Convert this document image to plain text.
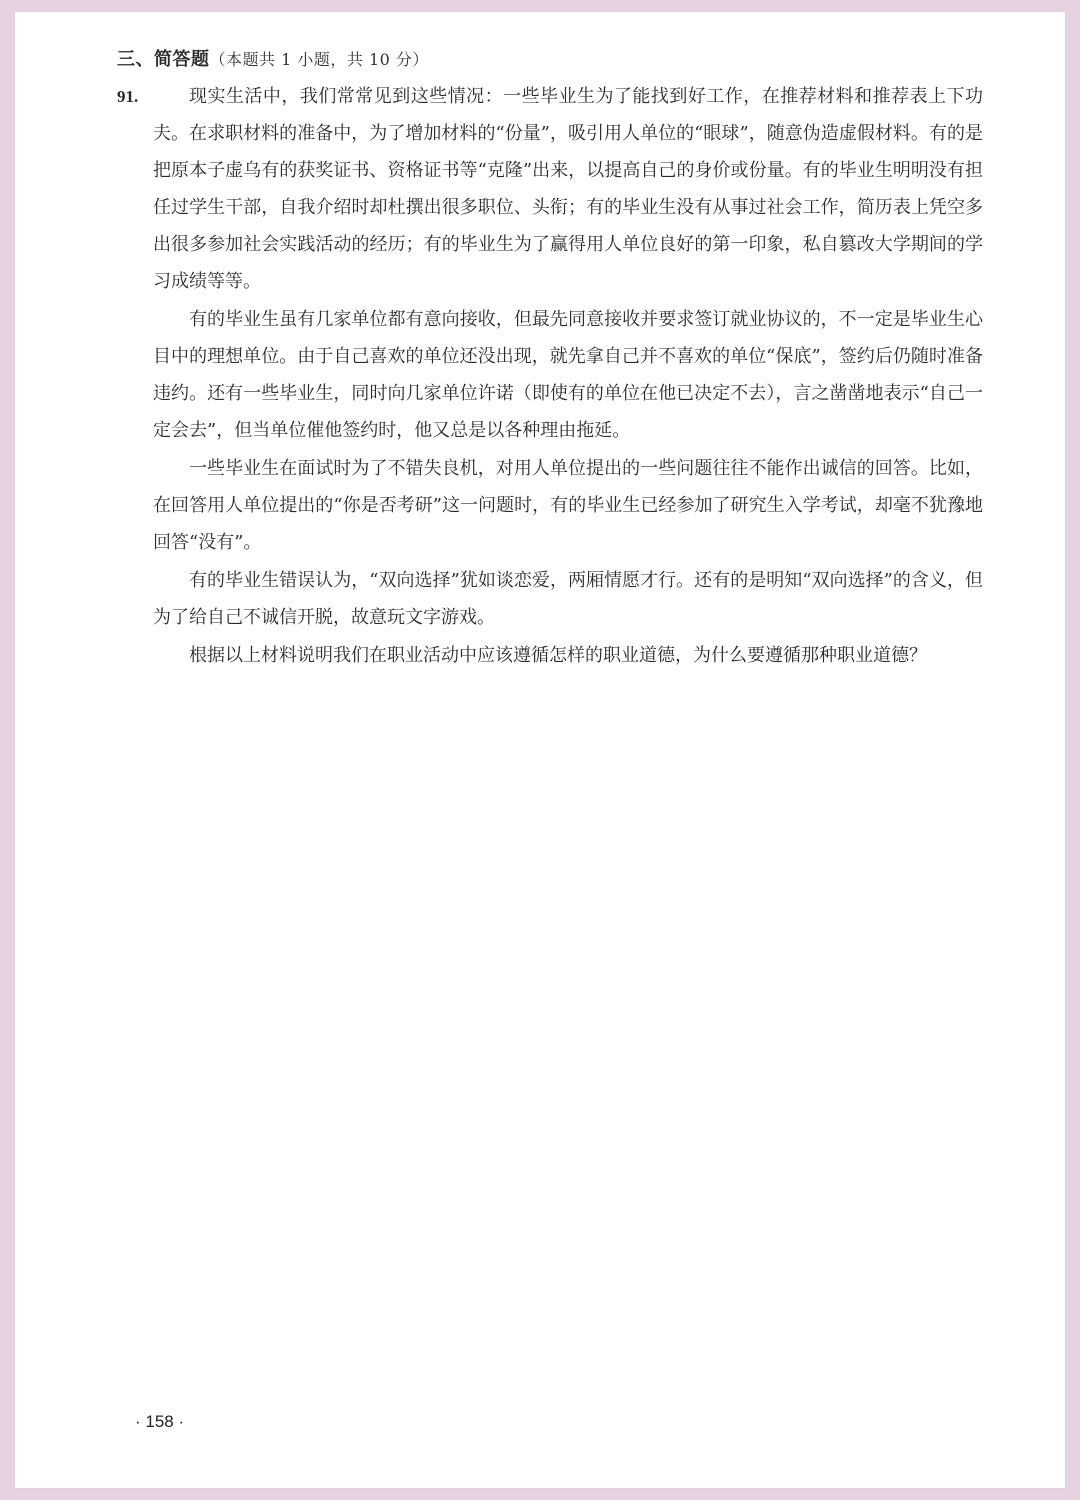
三、简答题（本题共 1 小题，共 10 分）
91.	现实生活中，我们常常见到这些情况：一些毕业生为了能找到好工作，在推荐材料和推荐表上下功夫。在求职材料的准备中，为了增加材料的“份量”，吸引用人单位的“眼球”，随意伪造虚假材料。有的是把原本子虚乌有的获奖证书、资格证书等“克隆”出来，以提高自己的身价或份量。有的毕业生明明没有担任过学生干部，自我介绍时却杜撰出很多职位、头衔；有的毕业生没有从事过社会工作，简历表上凭空多出很多参加社会实践活动的经历；有的毕业生为了赢得用人单位良好的第一印象，私自篡改大学期间的学习成绩等等。

有的毕业生虽有几家单位都有意向接收，但最先同意接收并要求签订就业协议的，不一定是毕业生心目中的理想单位。由于自己喜欢的单位还没出现，就先拿自己并不喜欢的单位“保底”，签约后仍随时准备违约。还有一些毕业生，同时向几家单位许诺（即使有的单位在他已决定不去），言之凿凿地表示“自己一定会去”，但当单位催他签约时，他又总是以各种理由拖延。

一些毕业生在面试时为了不错失良机，对用人单位提出的一些问题往往不能作出诚信的回答。比如，在回答用人单位提出的“你是否考研”这一问题时，有的毕业生已经参加了研究生入学考试，却毫不犹豫地回答“没有”。

有的毕业生错误认为，“双向选择”犹如谈恋爱，两厢情愿才行。还有的是明知“双向选择”的含义，但为了给自己不诚信开脱，故意玩文字游戏。

根据以上材料说明我们在职业活动中应该遵循怎样的职业道德，为什么要遵循那种职业道德？

· 158 ·
